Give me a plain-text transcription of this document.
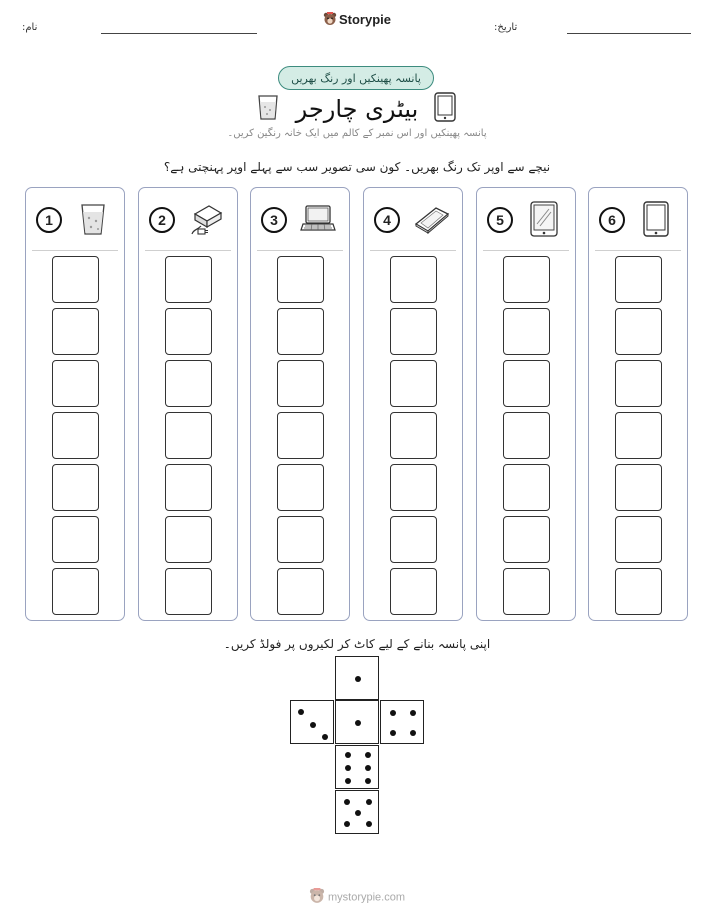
نام:
Storypie
تاریخ:
پانسہ پھینکیں اور رنگ بھریں
بیٹری چارجر
پانسہ پھینکیں اور اس نمبر کے کالم میں ایک خانہ رنگین کریں۔
نیچے سے اوپر تک رنگ بھریں۔ کون سی تصویر سب سے پہلے اوپر پہنچتی ہے؟
1	2	3	4	5	6
اپنی پانسہ بنانے کے لیے کاٹ کر لکیروں پر فولڈ کریں۔
mystorypie.com
